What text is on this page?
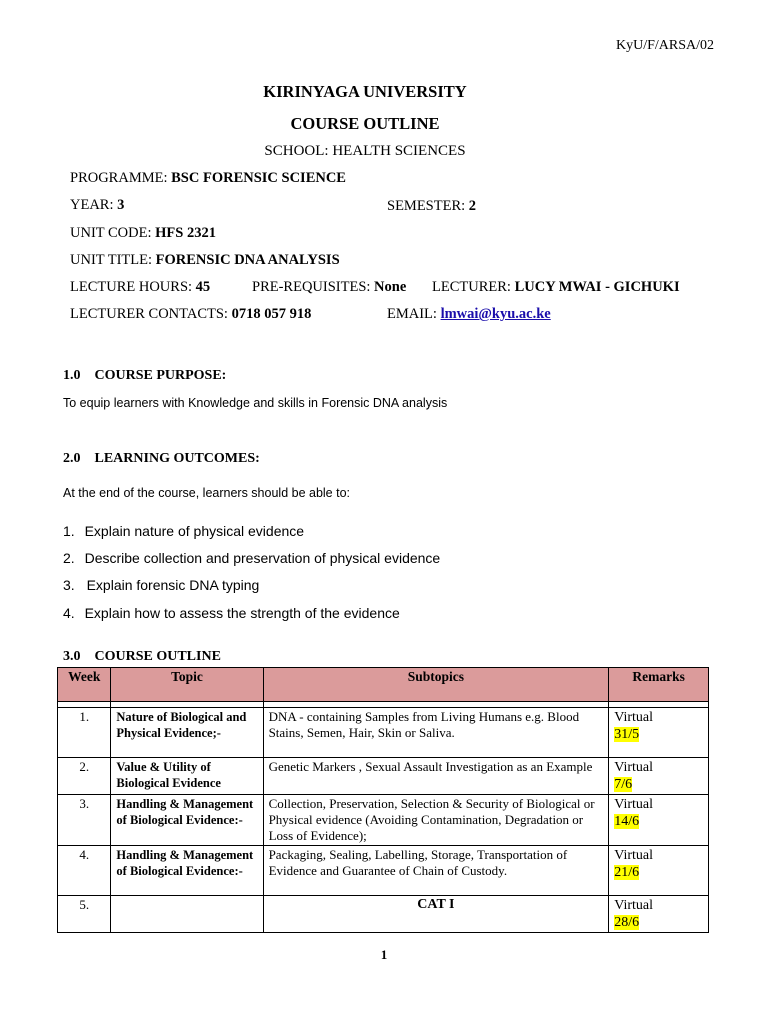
KyU/F/ARSA/02
KIRINYAGA UNIVERSITY
COURSE OUTLINE
SCHOOL: HEALTH SCIENCES
PROGRAMME: BSC FORENSIC SCIENCE
YEAR: 3	SEMESTER: 2
UNIT CODE: HFS 2321
UNIT TITLE: FORENSIC DNA ANALYSIS
LECTURE HOURS: 45	PRE-REQUISITES: None LECTURER: LUCY MWAI - GICHUKI
LECTURER CONTACTS: 0718 057 918	EMAIL: lmwai@kyu.ac.ke
1.0 COURSE PURPOSE:
To equip learners with Knowledge and skills in Forensic DNA analysis
2.0 LEARNING OUTCOMES:
At the end of the course, learners should be able to:
1. Explain nature of physical evidence
2. Describe collection and preservation of physical evidence
3. Explain forensic DNA typing
4. Explain how to assess the strength of the evidence
3.0 COURSE OUTLINE
Week	Topic	Subtopics	Remarks

1.	Nature of Biological and Physical Evidence;-	DNA - containing Samples from Living Humans e.g. Blood Stains, Semen, Hair, Skin or Saliva.	Virtual
31/5
2.	Value & Utility of Biological Evidence	Genetic Markers , Sexual Assault Investigation as an Example	Virtual
7/6
3.	Handling & Management of Biological Evidence:-	Collection, Preservation, Selection & Security of Biological or Physical evidence (Avoiding Contamination, Degradation or Loss of Evidence);	Virtual
14/6
4.	Handling & Management of Biological Evidence:-	Packaging, Sealing, Labelling, Storage, Transportation of Evidence and Guarantee of Chain of Custody.	Virtual
21/6
5.		CAT I	Virtual
28/6
1
